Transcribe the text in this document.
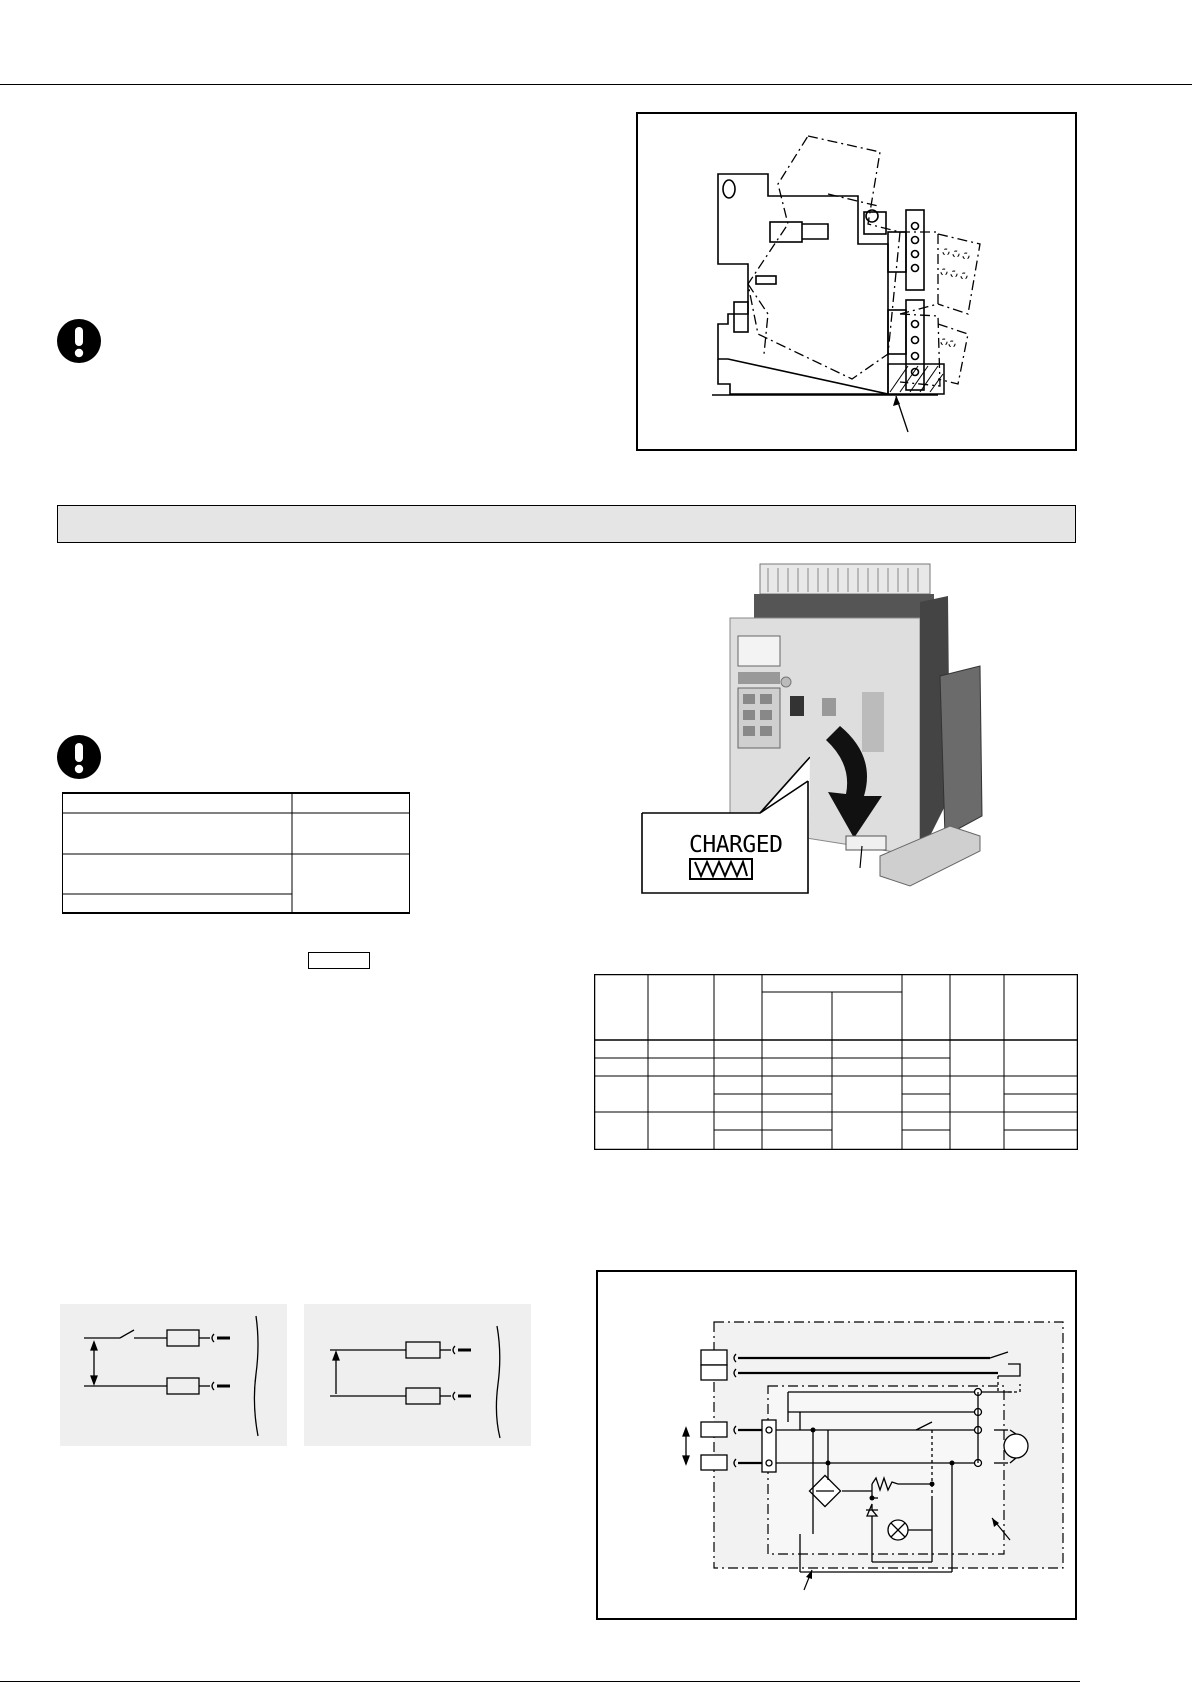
CHARGED
